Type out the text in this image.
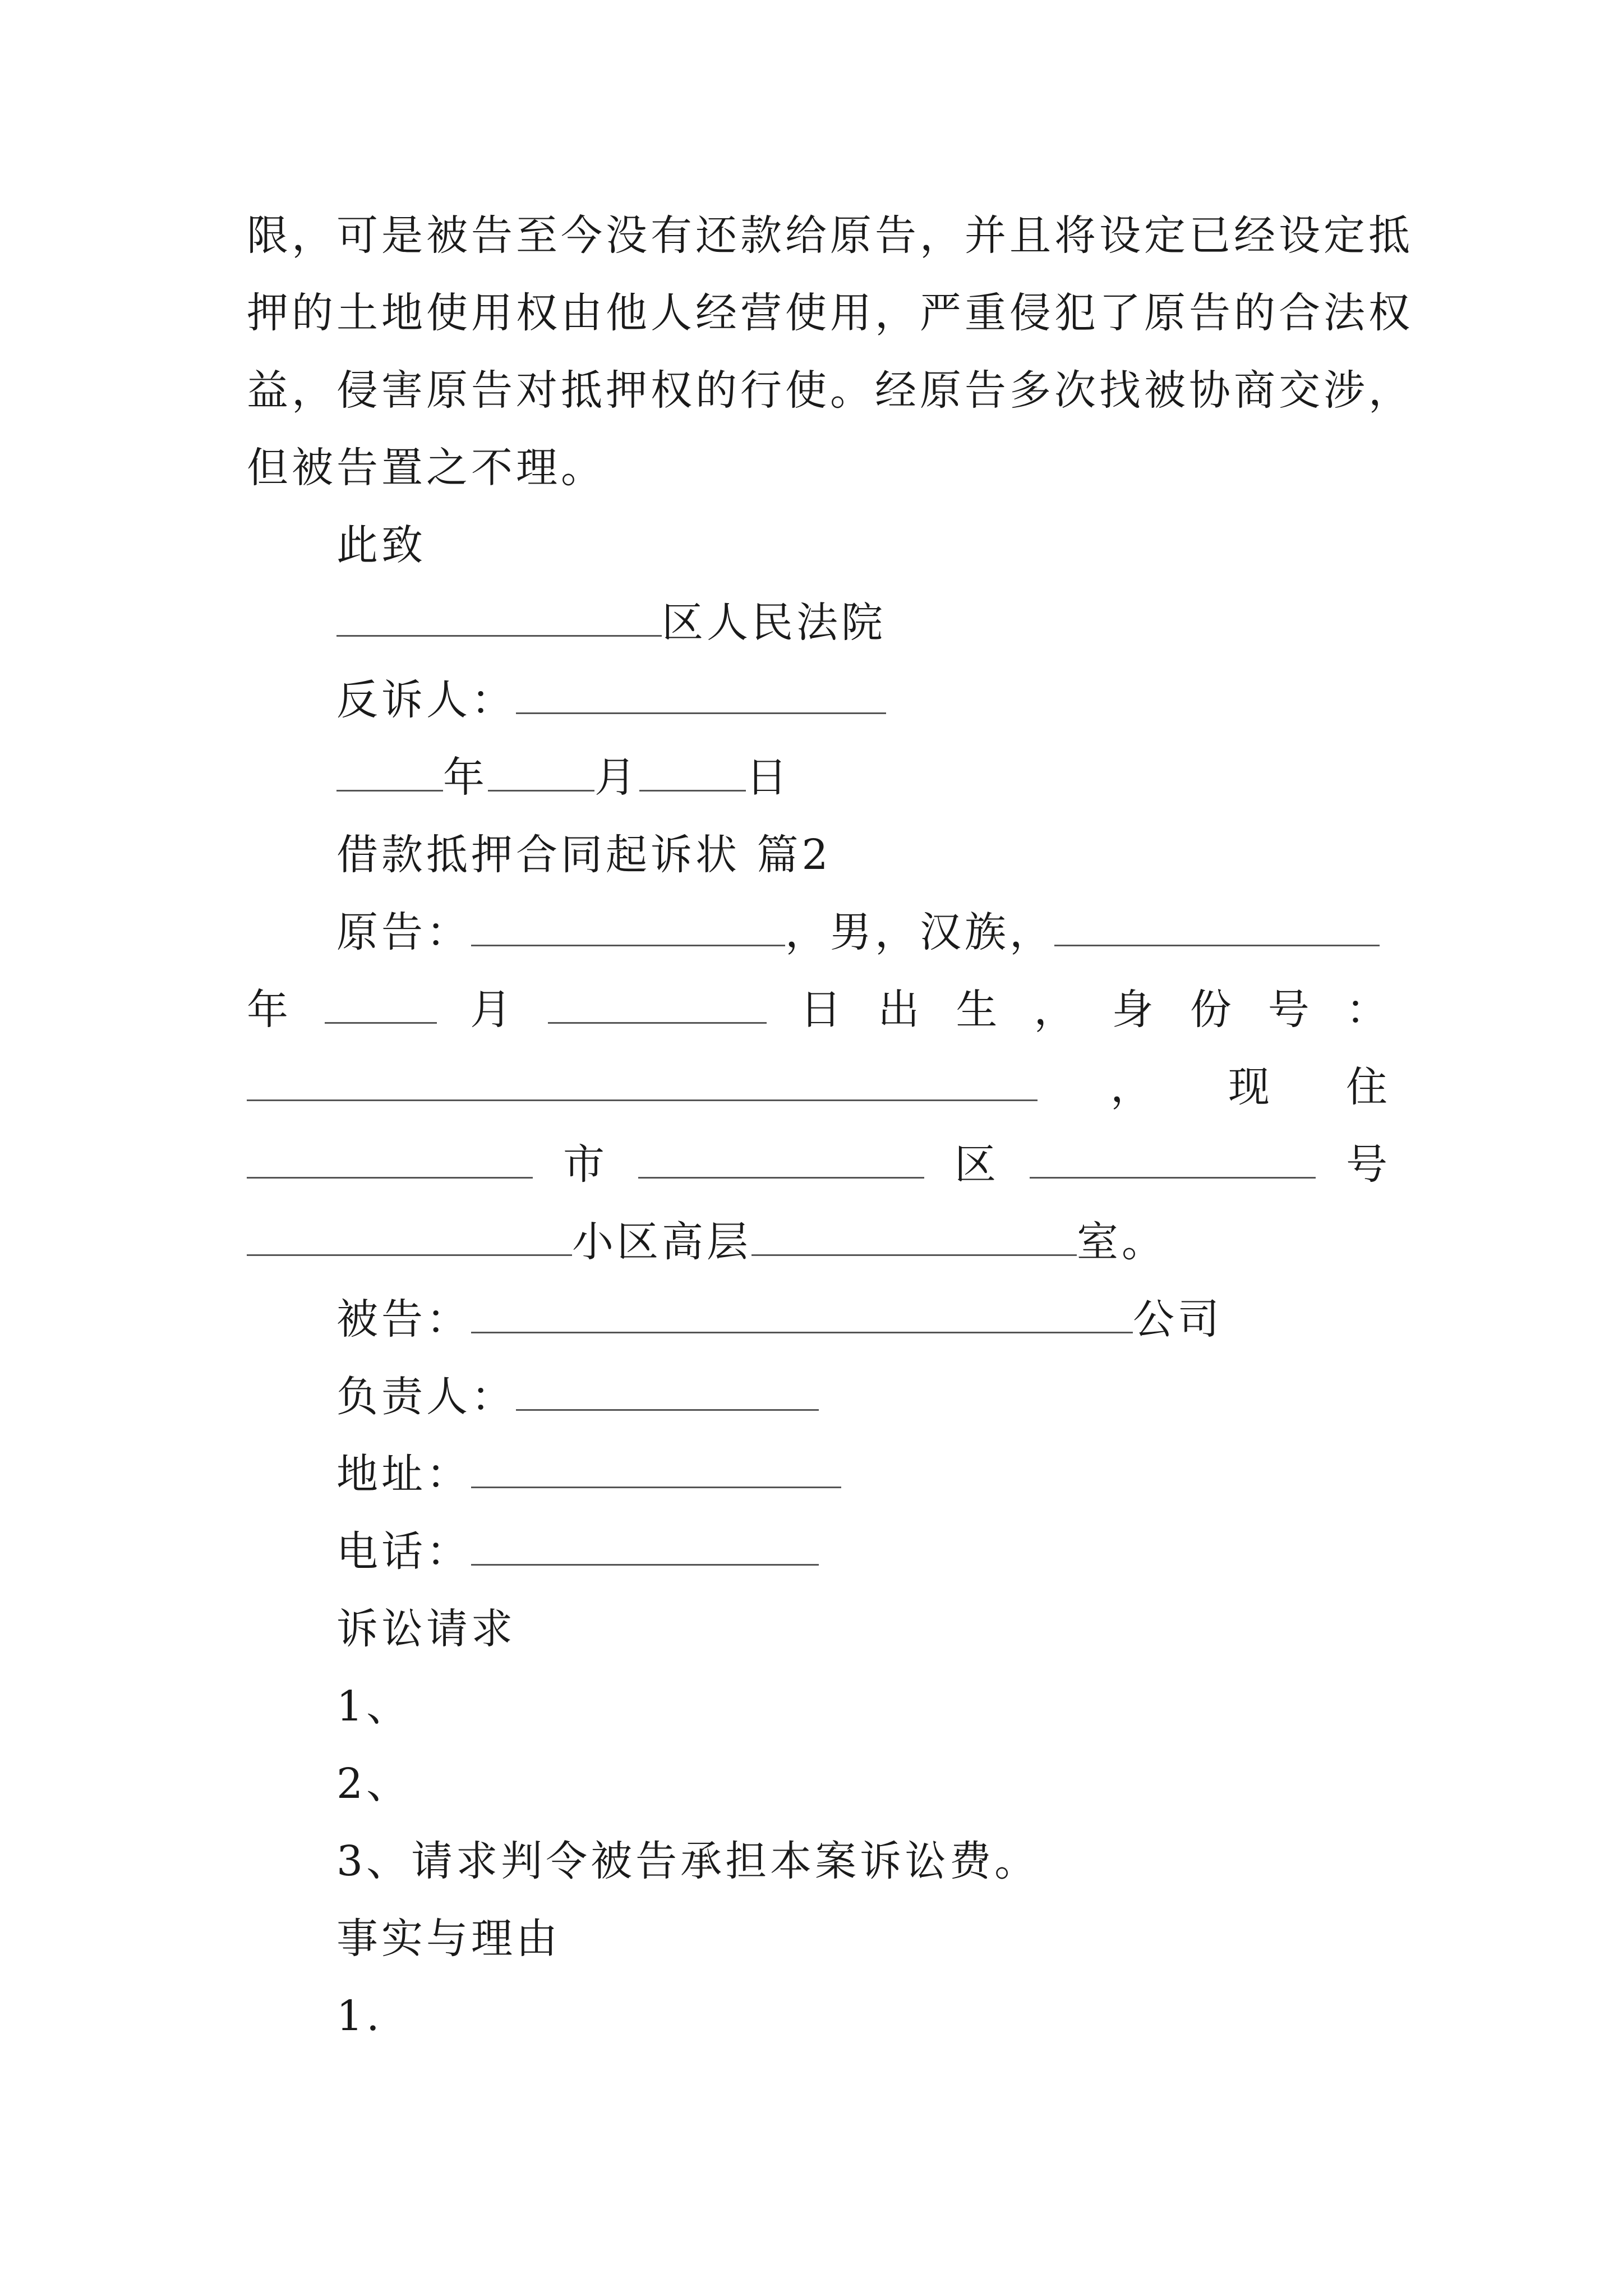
限，可是被告至今没有还款给原告，并且将设定已经设定抵
押的土地使用权由他人经营使用，严重侵犯了原告的合法权
益，侵害原告对抵押权的行使。经原告多次找被协商交涉，
但被告置之不理。
此致
区人民法院
反诉人：
年	月	日
借款抵押合同起诉状 篇2
原告：	，男，汉族，
年	月	日 出 生 ， 身 份 号 ：
， 现 住
市	区	号
小区高层	室。
被告：	公司
负责人：
地址：
电话：
诉讼请求
1、
2、
3、请求判令被告承担本案诉讼费。
事实与理由
1.
